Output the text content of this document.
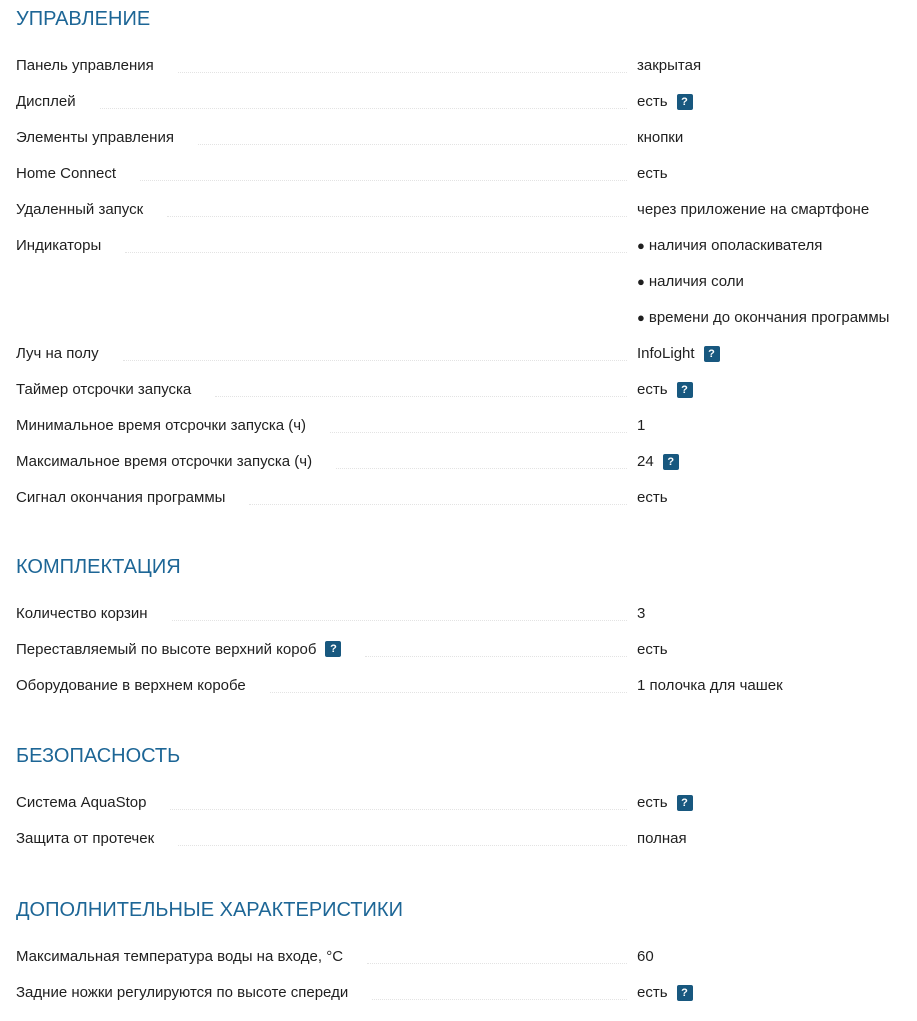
УПРАВЛЕНИЕ
Панель управления	закрытая
Дисплей	есть	?
Элементы управления	кнопки
Home Connect	есть
Удаленный запуск	через приложение на смартфоне
Индикаторы	● наличия ополаскивателя
● наличия соли
● времени до окончания программы
Луч на полу	InfoLight	?
Таймер отсрочки запуска	есть	?
Минимальное время отсрочки запуска (ч)	1
Максимальное время отсрочки запуска (ч)	24	?
Сигнал окончания программы	есть
КОМПЛЕКТАЦИЯ
Количество корзин	3
Переставляемый по высоте верхний короб	?	есть
Оборудование в верхнем коробе	1 полочка для чашек
БЕЗОПАСНОСТЬ
Система AquaStop	есть	?
Защита от протечек	полная
ДОПОЛНИТЕЛЬНЫЕ ХАРАКТЕРИСТИКИ
Максимальная температура воды на входе, °С	60
Задние ножки регулируются по высоте спереди	есть	?
